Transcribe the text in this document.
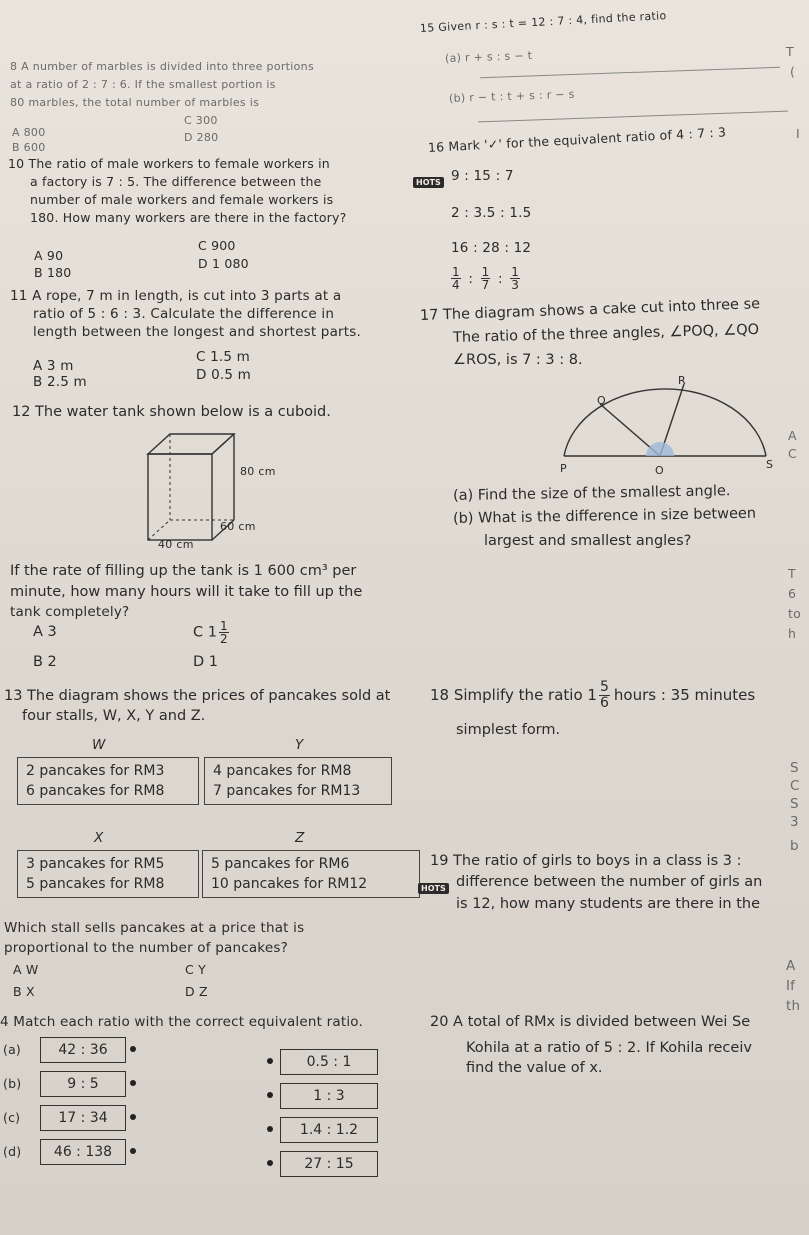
8 A number of marbles is divided into three portions
at a ratio of 2 : 7 : 6. If the smallest portion is
80 marbles, the total number of marbles is
A 800
B 600
C 300
D 280
10 The ratio of male workers to female workers in
a factory is 7 : 5. The difference between the
number of male workers and female workers is
180. How many workers are there in the factory?
A 90
B 180
C 900
D 1 080
11 A rope, 7 m in length, is cut into 3 parts at a
ratio of 5 : 6 : 3. Calculate the difference in
length between the longest and shortest parts.
A 3 m
B 2.5 m
C 1.5 m
D 0.5 m
12 The water tank shown below is a cuboid.
80 cm
60 cm
40 cm
If the rate of filling up the tank is 1 600 cm³ per
minute, how many hours will it take to fill up the
tank completely?
A 3
B 2
C $1 \frac{1}{2}$
D 1
13 The diagram shows the prices of pancakes sold at
four stalls, W, X, Y and Z.
W
2 pancakes for RM3
6 pancakes for RM8
Y
4 pancakes for RM8
7 pancakes for RM13
X
3 pancakes for RM5
5 pancakes for RM8
Z
5 pancakes for RM6
10 pancakes for RM12
Which stall sells pancakes at a price that is
proportional to the number of pancakes?
A W
B X
C Y
D Z
4 Match each ratio with the correct equivalent ratio.
(a)
(b)
(c)
(d)
42 : 36
9 : 5
17 : 34
46 : 138
0.5 : 1
1 : 3
1.4 : 1.2
27 : 15
15 Given r : s : t = 12 : 7 : 4, find the ratio
(a) r + s : s − t
(b) r − t : t + s : r − s
16 Mark '✓' for the equivalent ratio of 4 : 7 : 3
HOTS 9 : 15 : 7
2 : 3.5 : 1.5
16 : 28 : 12
$\frac{1}{4}$ : $\frac{1}{7}$ : $\frac{1}{3}$
17 The diagram shows a cake cut into three se
The ratio of the three angles, ∠POQ, ∠QO
∠ROS, is 7 : 3 : 8.
R
Q
P	O	S
(a) Find the size of the smallest angle.
(b) What is the difference in size between
largest and smallest angles?
18 Simplify the ratio $1 \frac{5}{6}$ hours : 35 minutes
simplest form.
19 The ratio of girls to boys in a class is 3 :
HOTS difference between the number of girls an
is 12, how many students are there in the
20 A total of RMx is divided between Wei Se
Kohila at a ratio of 5 : 2. If Kohila receiv
find the value of x.
T
(
I
A
C
T
6
to
h
S
C
S
3
b
A
If
th
